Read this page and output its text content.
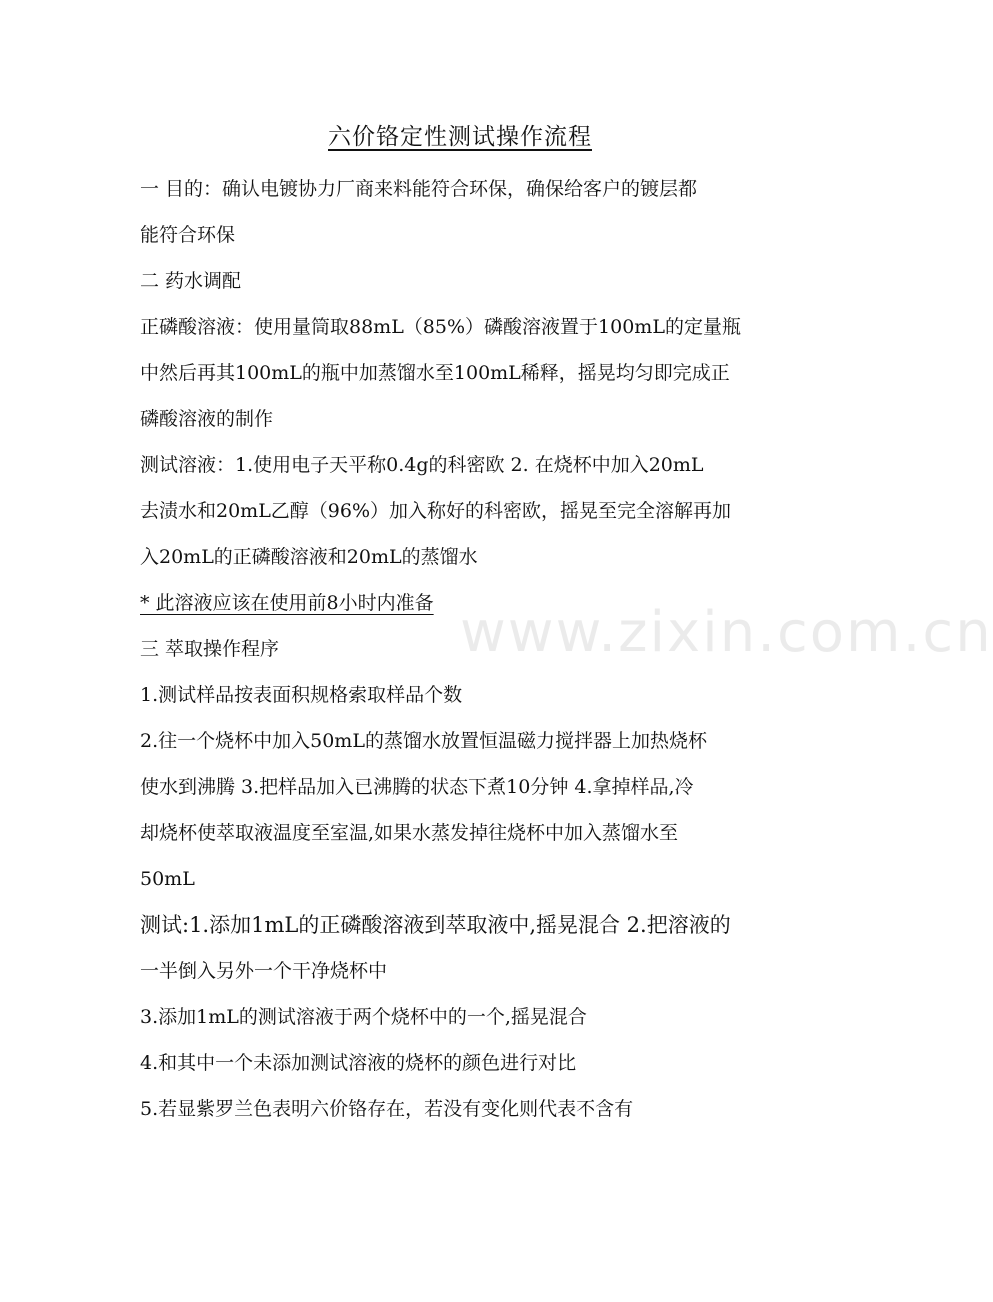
六价铬定性测试操作流程

一 目的：确认电镀协力厂商来料能符合环保，确保给客户的镀层都

能符合环保

二 药水调配

正磷酸溶液：使用量筒取88mL（85%）磷酸溶液置于100mL的定量瓶

中然后再其100mL的瓶中加蒸馏水至100mL稀释，摇晃均匀即完成正

磷酸溶液的制作

测试溶液：1.使用电子天平称0.4g的科密欧 2. 在烧杯中加入20mL

去渍水和20mL乙醇（96%）加入称好的科密欧，摇晃至完全溶解再加

入20mL的正磷酸溶液和20mL的蒸馏水

* 此溶液应该在使用前8小时内准备

三 萃取操作程序

1.测试样品按表面积规格索取样品个数

2.往一个烧杯中加入50mL的蒸馏水放置恒温磁力搅拌器上加热烧杯

使水到沸腾 3.把样品加入已沸腾的状态下煮10分钟 4.拿掉样品,冷

却烧杯使萃取液温度至室温,如果水蒸发掉往烧杯中加入蒸馏水至

50mL

测试:1.添加1mL的正磷酸溶液到萃取液中,摇晃混合 2.把溶液的

一半倒入另外一个干净烧杯中

3.添加1mL的测试溶液于两个烧杯中的一个,摇晃混合

4.和其中一个未添加测试溶液的烧杯的颜色进行对比

5.若显紫罗兰色表明六价铬存在，若没有变化则代表不含有

www.zixin.com.cn
